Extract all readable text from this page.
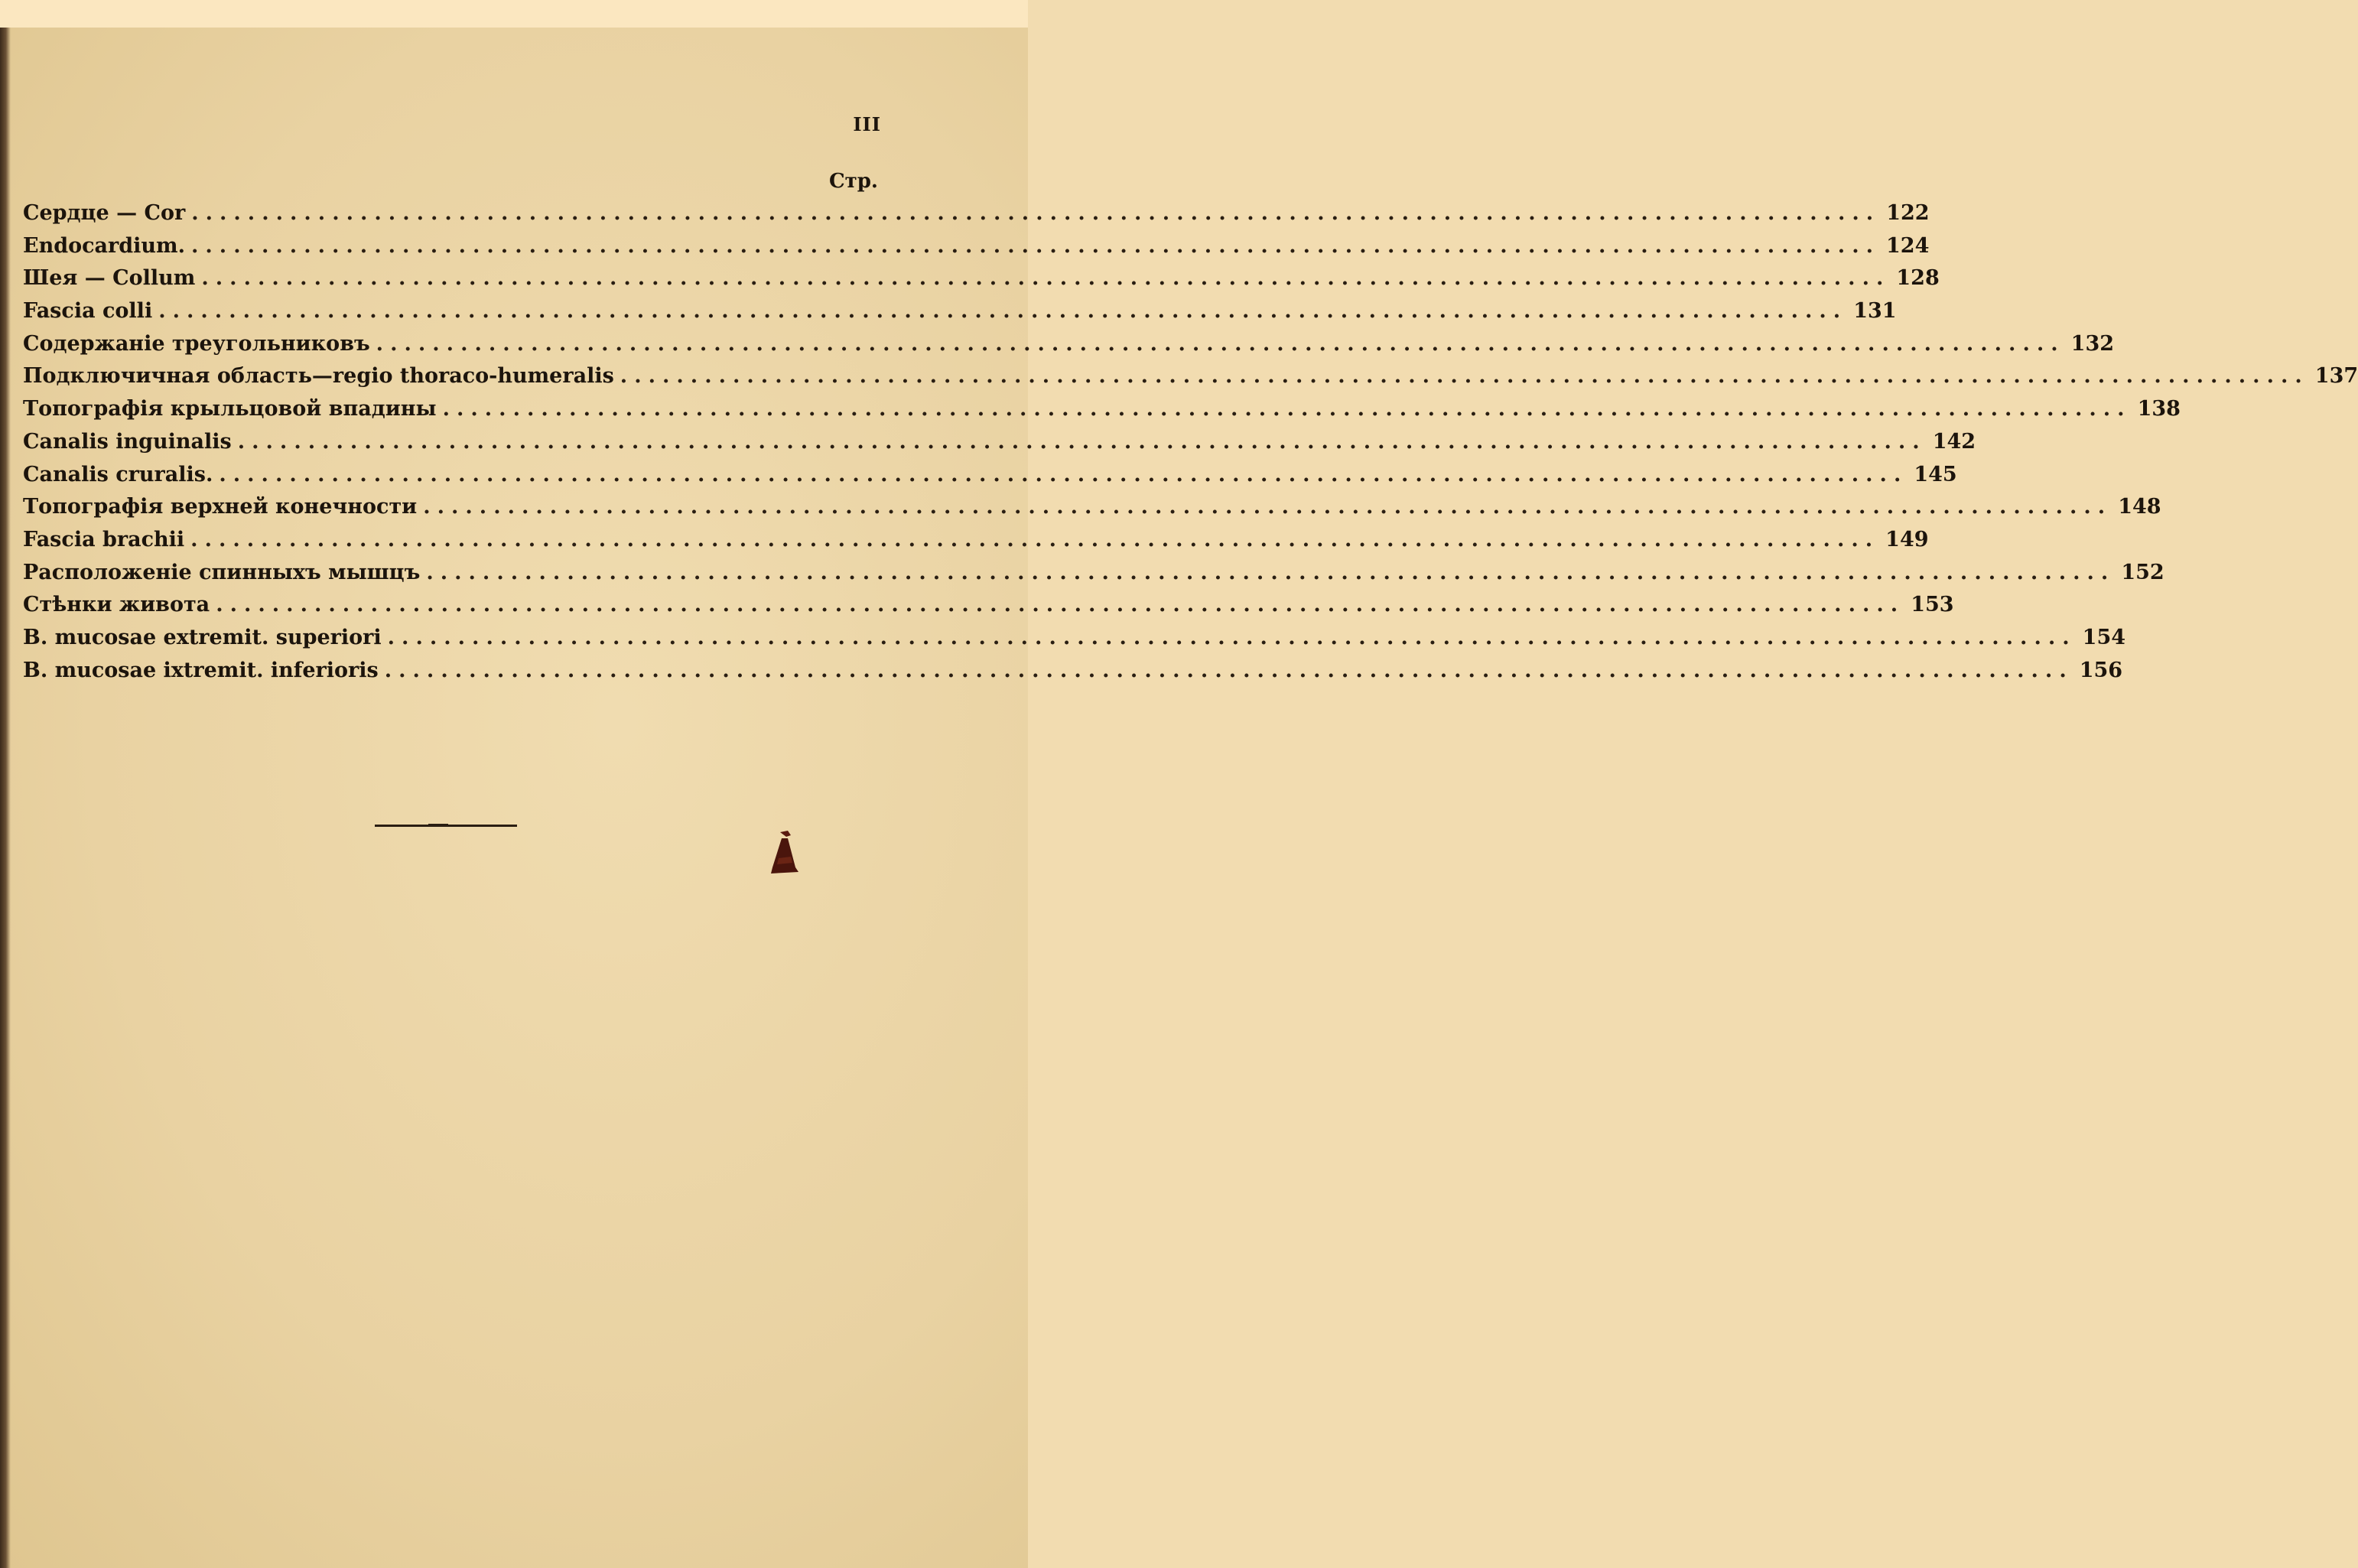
III
Стр.
Сердце — Cor ........................................................................................................................ 122
Endocardium. ........................................................................................................................ 124
Шея — Collum ........................................................................................................................ 128
Fascia colli ........................................................................................................................ 131
Содержаніе треугольниковъ ........................................................................................................................ 132
Подключичная область—regio thoraco-humeralis ........................................................................................................................ 137
Топографія крыльцовой впадины ........................................................................................................................ 138
Canalis inguinalis ........................................................................................................................ 142
Canalis cruralis. ........................................................................................................................ 145
Топографія верхней конечности ........................................................................................................................ 148
Fascia brachii ........................................................................................................................ 149
Расположеніе спинныхъ мышцъ ........................................................................................................................ 152
Стѣнки живота ........................................................................................................................ 153
B. mucosae extremit. superiori ........................................................................................................................ 154
B. mucosae ixtremit. inferioris ........................................................................................................................ 156
